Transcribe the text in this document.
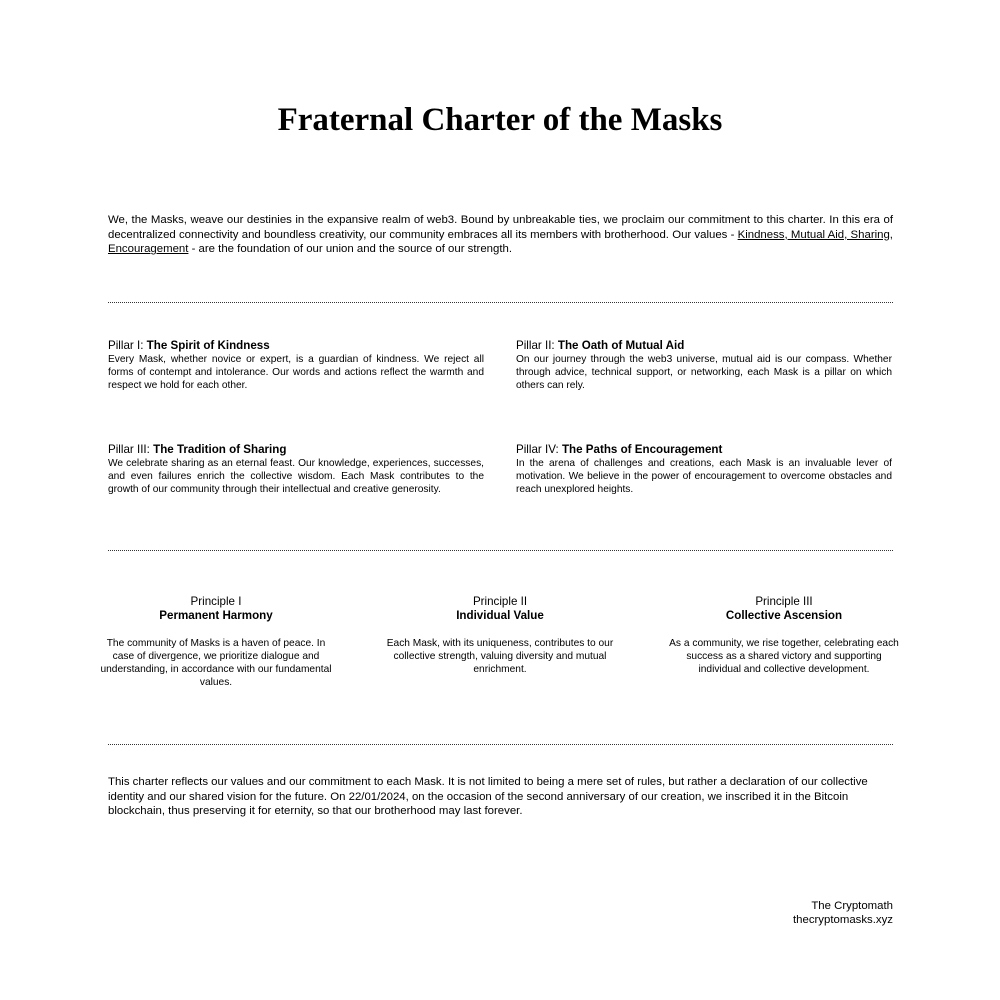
Fraternal Charter of the Masks

We, the Masks, weave our destinies in the expansive realm of web3. Bound by unbreakable ties, we proclaim our commitment to this charter. In this era of decentralized connectivity and boundless creativity, our community embraces all its members with brotherhood. Our values - Kindness, Mutual Aid, Sharing, Encouragement - are the foundation of our union and the source of our strength.

Pillar I: The Spirit of Kindness

Every Mask, whether novice or expert, is a guardian of kindness. We reject all forms of contempt and intolerance. Our words and actions reflect the warmth and respect we hold for each other.

Pillar II: The Oath of Mutual Aid

On our journey through the web3 universe, mutual aid is our compass. Whether through advice, technical support, or networking, each Mask is a pillar on which others can rely.

Pillar III: The Tradition of Sharing

We celebrate sharing as an eternal feast. Our knowledge, experiences, successes, and even failures enrich the collective wisdom. Each Mask contributes to the growth of our community through their intellectual and creative generosity.

Pillar IV: The Paths of Encouragement

In the arena of challenges and creations, each Mask is an invaluable lever of motivation. We believe in the power of encouragement to overcome obstacles and reach unexplored heights.

Principle I

Permanent Harmony

The community of Masks is a haven of peace. In case of divergence, we prioritize dialogue and understanding, in accordance with our fundamental values.

Principle II

Individual Value

Each Mask, with its uniqueness, contributes to our collective strength, valuing diversity and mutual enrichment.

Principle III

Collective Ascension

As a community, we rise together, celebrating each success as a shared victory and supporting individual and collective development.

This charter reflects our values and our commitment to each Mask. It is not limited to being a mere set of rules, but rather a declaration of our collective identity and our shared vision for the future. On 22/01/2024, on the occasion of the second anniversary of our creation, we inscribed it in the Bitcoin blockchain, thus preserving it for eternity, so that our brotherhood may last forever.

The Cryptomath

thecryptomasks.xyz
